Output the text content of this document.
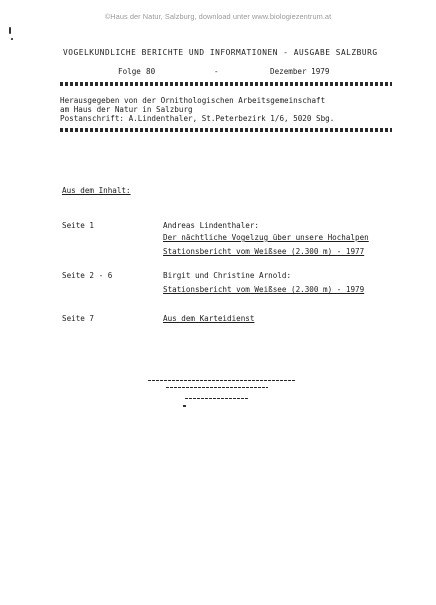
©Haus der Natur, Salzburg, download unter www.biologiezentrum.at
VOGELKUNDLICHE BERICHTE UND INFORMATIONEN - AUSGABE SALZBURG
Folge 80	-	Dezember 1979
Herausgegeben von der Ornithologischen Arbeitsgemeinschaft
am Haus der Natur in Salzburg
Postanschrift: A.Lindenthaler, St.Peterbezirk 1/6, 5020 Sbg.
Aus dem Inhalt:
Seite 1	Andreas Lindenthaler:
Der nächtliche Vogelzug über unsere Hochalpen
Stationsbericht vom Weißsee (2.300 m) - 1977
Seite 2 - 6	Birgit und Christine Arnold:
Stationsbericht vom Weißsee (2.300 m) - 1979
Seite 7	Aus dem Karteidienst
